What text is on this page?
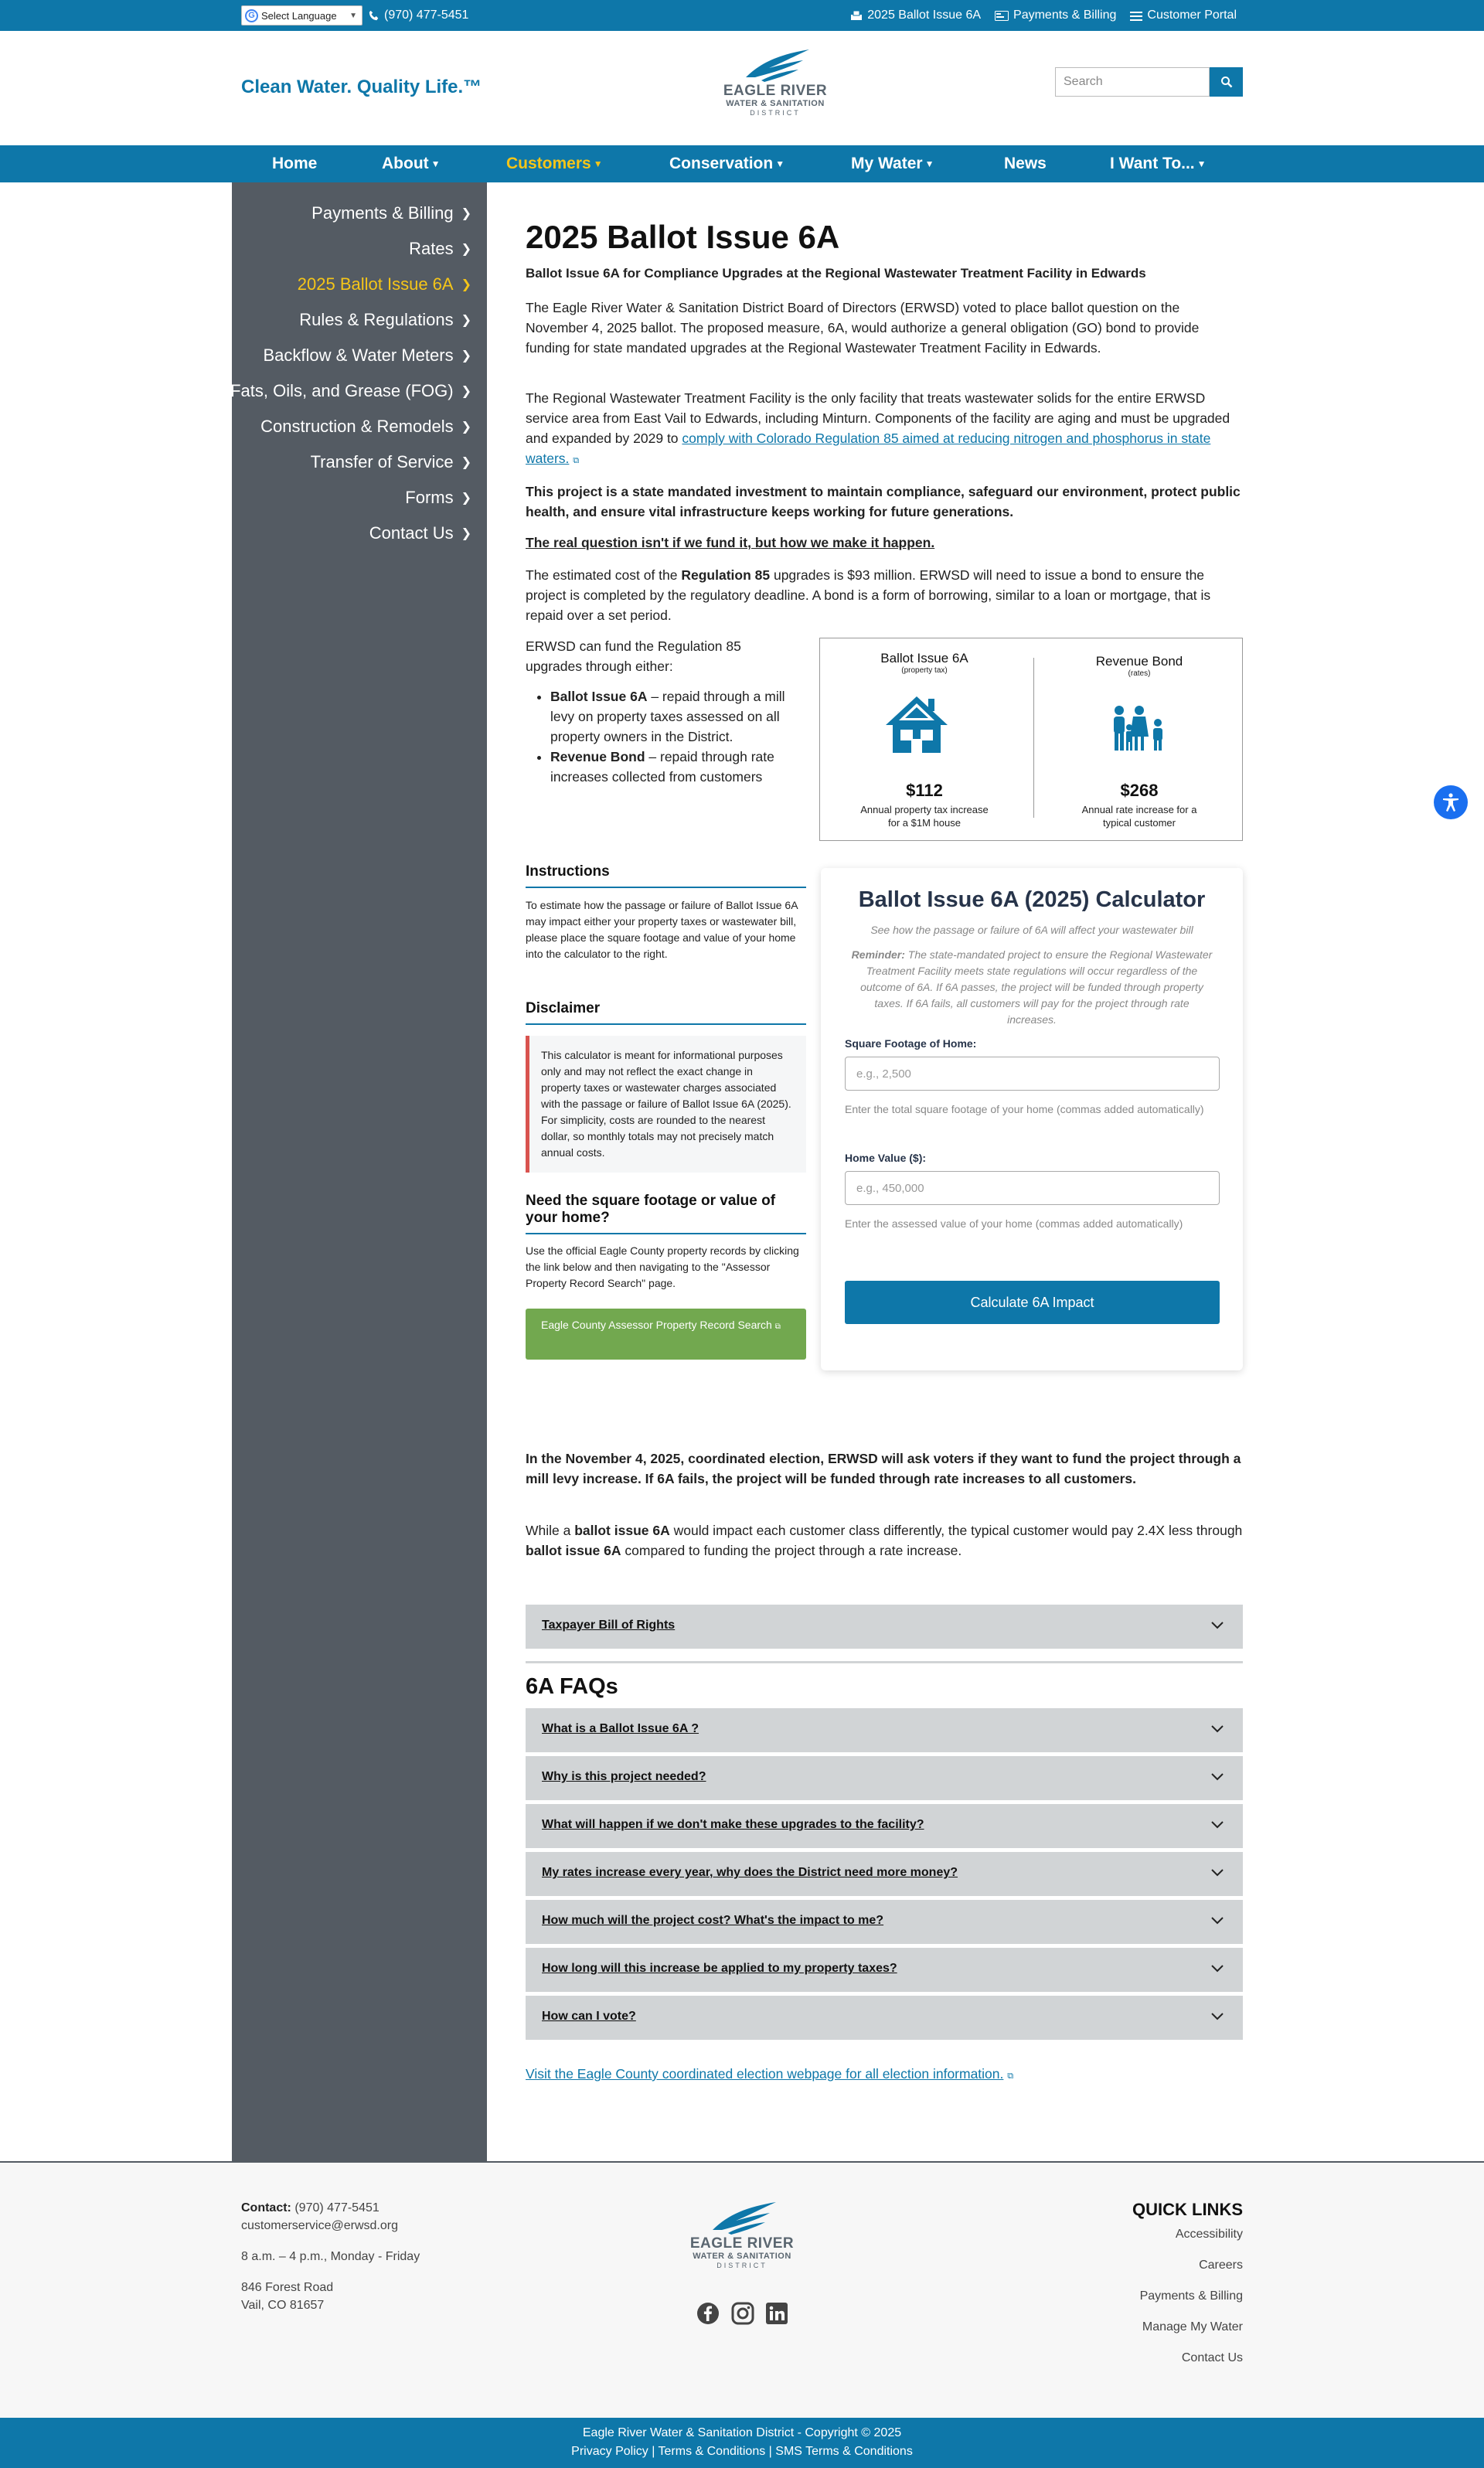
G Select Language ▼ (970) 477-5451	2025 Ballot Issue 6A	Payments & Billing	Customer Portal
Clean Water. Quality Life.™	EAGLE RIVER
WATER & SANITATION
DISTRICT
Search
Home	About ▼	Customers ▼	Conservation ▼	My Water ▼	News	I Want To... ▼
Payments & Billing ❯
Rates ❯
2025 Ballot Issue 6A ❯
Rules & Regulations ❯
Backflow & Water Meters ❯
Fats, Oils, and Grease (FOG) ❯
Construction & Remodels ❯
Transfer of Service ❯
Forms ❯
Contact Us ❯
2025 Ballot Issue 6A
Ballot Issue 6A for Compliance Upgrades at the Regional Wastewater Treatment Facility in Edwards
The Eagle River Water & Sanitation District Board of Directors (ERWSD) voted to place ballot question on the November 4, 2025 ballot. The proposed measure, 6A, would authorize a general obligation (GO) bond to provide funding for state mandated upgrades at the Regional Wastewater Treatment Facility in Edwards.
The Regional Wastewater Treatment Facility is the only facility that treats wastewater solids for the entire ERWSD service area from East Vail to Edwards, including Minturn. Components of the facility are aging and must be upgraded and expanded by 2029 to comply with Colorado Regulation 85 aimed at reducing nitrogen and phosphorus in state waters. ⧉
This project is a state mandated investment to maintain compliance, safeguard our environment, protect public health, and ensure vital infrastructure keeps working for future generations.
The real question isn't if we fund it, but how we make it happen.
The estimated cost of the Regulation 85 upgrades is $93 million. ERWSD will need to issue a bond to ensure the project is completed by the regulatory deadline. A bond is a form of borrowing, similar to a loan or mortgage, that is repaid over a set period.
ERWSD can fund the Regulation 85 upgrades through either:
• Ballot Issue 6A – repaid through a mill levy on property taxes assessed on all property owners in the District.
• Revenue Bond – repaid through rate increases collected from customers
Ballot Issue 6A
(property tax)
$112
Annual property tax increase for a $1M house
Revenue Bond
(rates)
$268
Annual rate increase for a typical customer
Instructions
To estimate how the passage or failure of Ballot Issue 6A may impact either your property taxes or wastewater bill, please place the square footage and value of your home into the calculator to the right.
Disclaimer
This calculator is meant for informational purposes only and may not reflect the exact change in property taxes or wastewater charges associated with the passage or failure of Ballot Issue 6A (2025). For simplicity, costs are rounded to the nearest dollar, so monthly totals may not precisely match annual costs.
Need the square footage or value of your home?
Use the official Eagle County property records by clicking the link below and then navigating to the "Assessor Property Record Search" page.
Eagle County Assessor Property Record Search ⧉
Ballot Issue 6A (2025) Calculator
See how the passage or failure of 6A will affect your wastewater bill
Reminder: The state-mandated project to ensure the Regional Wastewater Treatment Facility meets state regulations will occur regardless of the outcome of 6A. If 6A passes, the project will be funded through property taxes. If 6A fails, all customers will pay for the project through rate increases.
Square Footage of Home:
e.g., 2,500
Enter the total square footage of your home (commas added automatically)
Home Value ($):
e.g., 450,000
Enter the assessed value of your home (commas added automatically)
Calculate 6A Impact
In the November 4, 2025, coordinated election, ERWSD will ask voters if they want to fund the project through a mill levy increase. If 6A fails, the project will be funded through rate increases to all customers.
While a ballot issue 6A would impact each customer class differently, the typical customer would pay 2.4X less through ballot issue 6A compared to funding the project through a rate increase.
Taxpayer Bill of Rights
6A FAQs
What is a Ballot Issue 6A ?
Why is this project needed?
What will happen if we don't make these upgrades to the facility?
My rates increase every year, why does the District need more money?
How much will the project cost? What's the impact to me?
How long will this increase be applied to my property taxes?
How can I vote?
Visit the Eagle County coordinated election webpage for all election information. ⧉
Contact: (970) 477-5451
customerservice@erwsd.org
8 a.m. – 4 p.m., Monday - Friday
846 Forest Road
Vail, CO 81657
EAGLE RIVER
WATER & SANITATION
DISTRICT
QUICK LINKS
Accessibility
Careers
Payments & Billing
Manage My Water
Contact Us
Eagle River Water & Sanitation District - Copyright © 2025
Privacy Policy | Terms & Conditions | SMS Terms & Conditions
